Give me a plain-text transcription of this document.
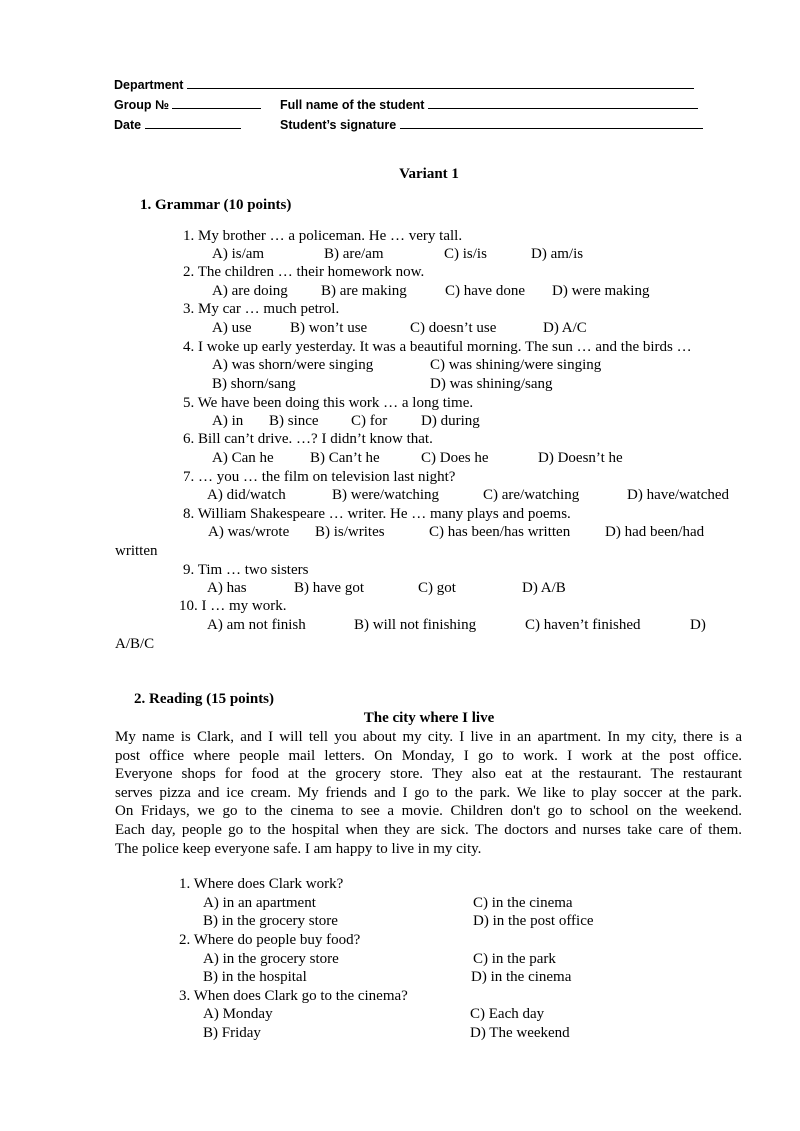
Department
Group №	Full name of the student
Date	Student’s signature
Variant 1
1. Grammar (10 points)
1. My brother … a policeman. He … very tall.
A) is/am	B) are/am	C) is/is	D) am/is
2. The children … their homework now.
A) are doing B) are making	C) have done D) were making
3. My car … much petrol.
A) use	B) won’t use	C) doesn’t use	D) A/C
4. I woke up early yesterday. It was a beautiful morning. The sun … and the birds …
A) was shorn/were singing	C) was shining/were singing
B) shorn/sang	D) was shining/sang
5. We have been doing this work … a long time.
A) in B) since C) for D) during
6. Bill can’t drive. …? I didn’t know that.
A) Can he B) Can’t he	C) Does he	D) Doesn’t he
7. … you … the film on television last night?
A) did/watch	B) were/watching	C) are/watching	D) have/watched
8. William Shakespeare … writer. He … many plays and poems.
A) was/wrote B) is/writes	C) has been/has written D) had been/had
written
9. Tim … two sisters
A) has	B) have got	C) got	D) A/B
10. I … my work.
A) am not finish	B) will not finishing	C) haven’t finished	D)
A/B/C
2. Reading (15 points)
The city where I live
My name is Clark, and I will tell you about my city. I live in an apartment. In my city, there is a
post office where people mail letters. On Monday, I go to work. I work at the post office.
Everyone shops for food at the grocery store. They also eat at the restaurant. The restaurant
serves pizza and ice cream. My friends and I go to the park. We like to play soccer at the park.
On Fridays, we go to the cinema to see a movie. Children don't go to school on the weekend.
Each day, people go to the hospital when they are sick. The doctors and nurses take care of them.
The police keep everyone safe. I am happy to live in my city.
1. Where does Clark work?
A) in an apartment	C) in the cinema
B) in the grocery store	D) in the post office
2. Where do people buy food?
A) in the grocery store	C) in the park
B) in the hospital	D) in the cinema
3. When does Clark go to the cinema?
A) Monday	C) Each day
B) Friday	D) The weekend
